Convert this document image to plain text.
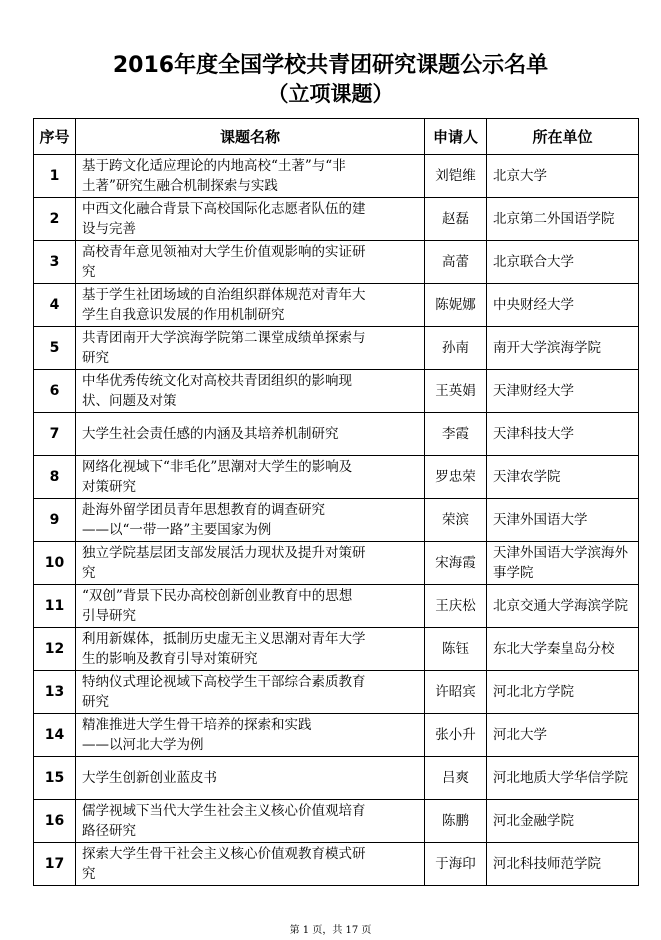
2016年度全国学校共青团研究课题公示名单
（立项课题）
序号	课题名称	申请人	所在单位
1	基于跨文化适应理论的内地高校“土著”与“非
土著”研究生融合机制探索与实践	刘铠维	北京大学
2	中西文化融合背景下高校国际化志愿者队伍的建
设与完善	赵磊	北京第二外国语学院
3	高校青年意见领袖对大学生价值观影响的实证研
究	高蕾	北京联合大学
4	基于学生社团场域的自治组织群体规范对青年大
学生自我意识发展的作用机制研究	陈妮娜	中央财经大学
5	共青团南开大学滨海学院第二课堂成绩单探索与
研究	孙南	南开大学滨海学院
6	中华优秀传统文化对高校共青团组织的影响现
状、问题及对策	王英娟	天津财经大学
7	大学生社会责任感的内涵及其培养机制研究	李霞	天津科技大学
8	网络化视域下“非毛化”思潮对大学生的影响及
对策研究	罗忠荣	天津农学院
9	赴海外留学团员青年思想教育的调查研究
——以“一带一路”主要国家为例	荣滨	天津外国语大学
10	独立学院基层团支部发展活力现状及提升对策研
究	宋海霞	天津外国语大学滨海外事学院
11	“双创”背景下民办高校创新创业教育中的思想
引导研究	王庆松	北京交通大学海滨学院
12	利用新媒体，抵制历史虚无主义思潮对青年大学
生的影响及教育引导对策研究	陈钰	东北大学秦皇岛分校
13	特纳仪式理论视域下高校学生干部综合素质教育
研究	许昭宾	河北北方学院
14	精准推进大学生骨干培养的探索和实践
——以河北大学为例	张小升	河北大学
15	大学生创新创业蓝皮书	吕爽	河北地质大学华信学院
16	儒学视域下当代大学生社会主义核心价值观培育
路径研究	陈鹏	河北金融学院
17	探索大学生骨干社会主义核心价值观教育模式研
究	于海印	河北科技师范学院
第 1 页，共 17 页
